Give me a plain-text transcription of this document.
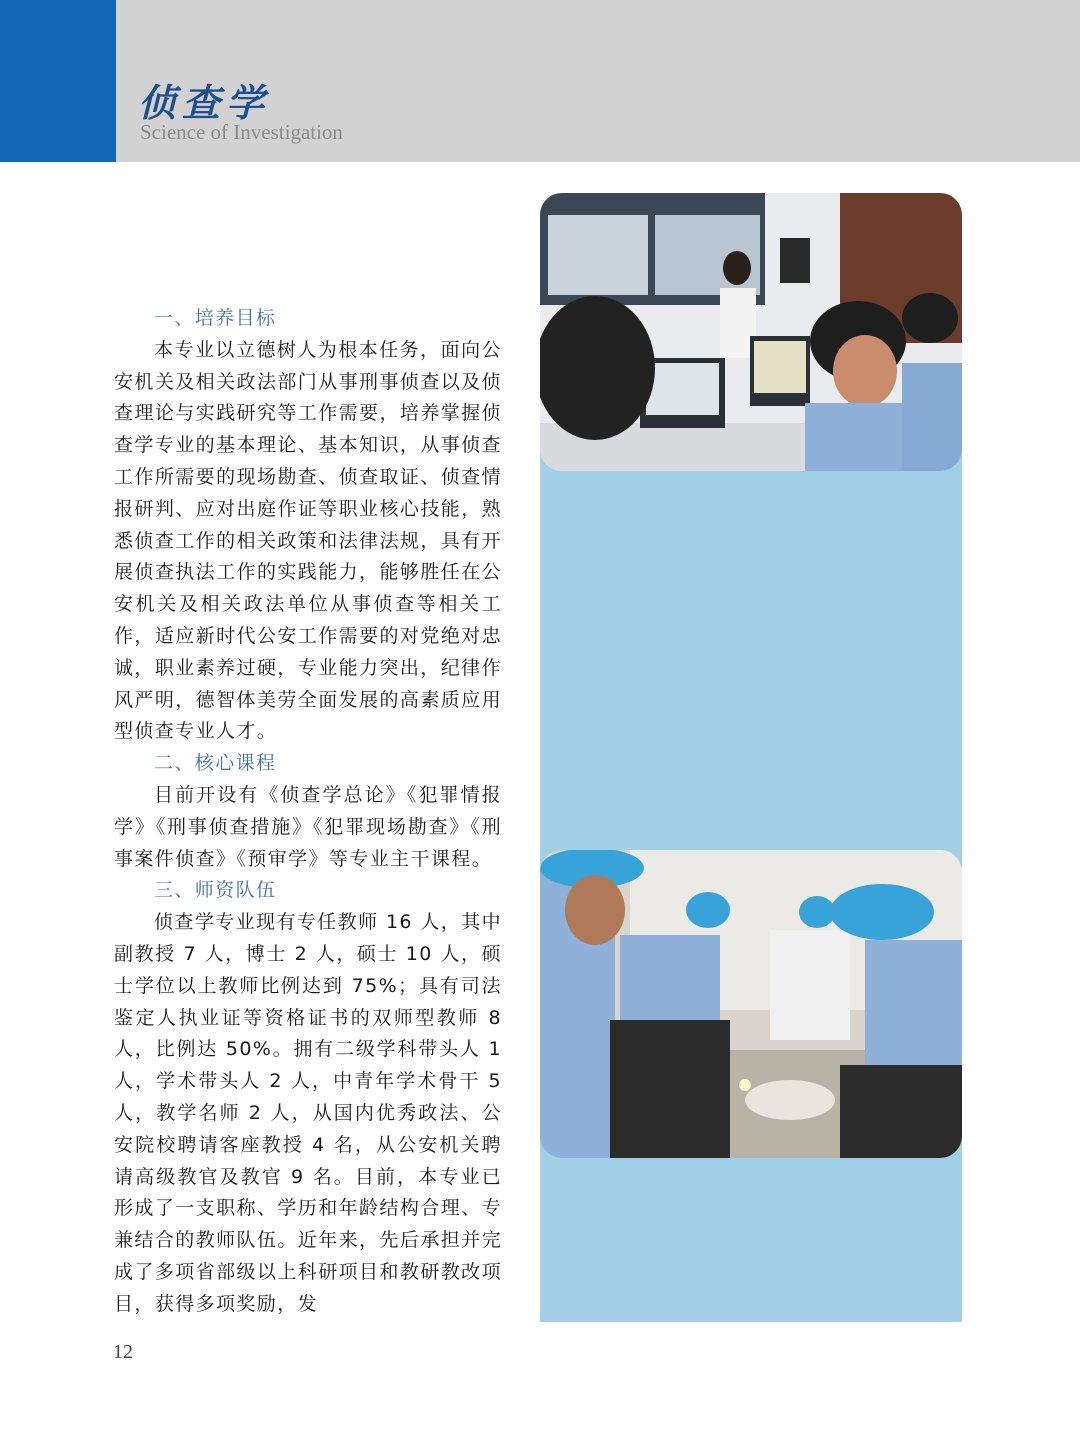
侦查学
Science of Investigation
一、培养目标

本专业以立德树人为根本任务，面向公安机关及相关政法部门从事刑事侦查以及侦查理论与实践研究等工作需要，培养掌握侦查学专业的基本理论、基本知识，从事侦查工作所需要的现场勘查、侦查取证、侦查情报研判、应对出庭作证等职业核心技能，熟悉侦查工作的相关政策和法律法规，具有开展侦查执法工作的实践能力，能够胜任在公安机关及相关政法单位从事侦查等相关工作，适应新时代公安工作需要的对党绝对忠诚，职业素养过硬，专业能力突出，纪律作风严明，德智体美劳全面发展的高素质应用型侦查专业人才。

二、核心课程

目前开设有《侦查学总论》《犯罪情报学》《刑事侦查措施》《犯罪现场勘查》《刑事案件侦查》《预审学》等专业主干课程。

三、师资队伍

侦查学专业现有专任教师 16 人，其中副教授 7 人，博士 2 人，硕士 10 人，硕士学位以上教师比例达到 75%；具有司法鉴定人执业证等资格证书的双师型教师 8 人，比例达 50%。拥有二级学科带头人 1 人，学术带头人 2 人，中青年学术骨干 5 人，教学名师 2 人，从国内优秀政法、公安院校聘请客座教授 4 名，从公安机关聘请高级教官及教官 9 名。目前，本专业已形成了一支职称、学历和年龄结构合理、专兼结合的教师队伍。近年来，先后承担并完成了多项省部级以上科研项目和教研教改项目，获得多项奖励，发

12
